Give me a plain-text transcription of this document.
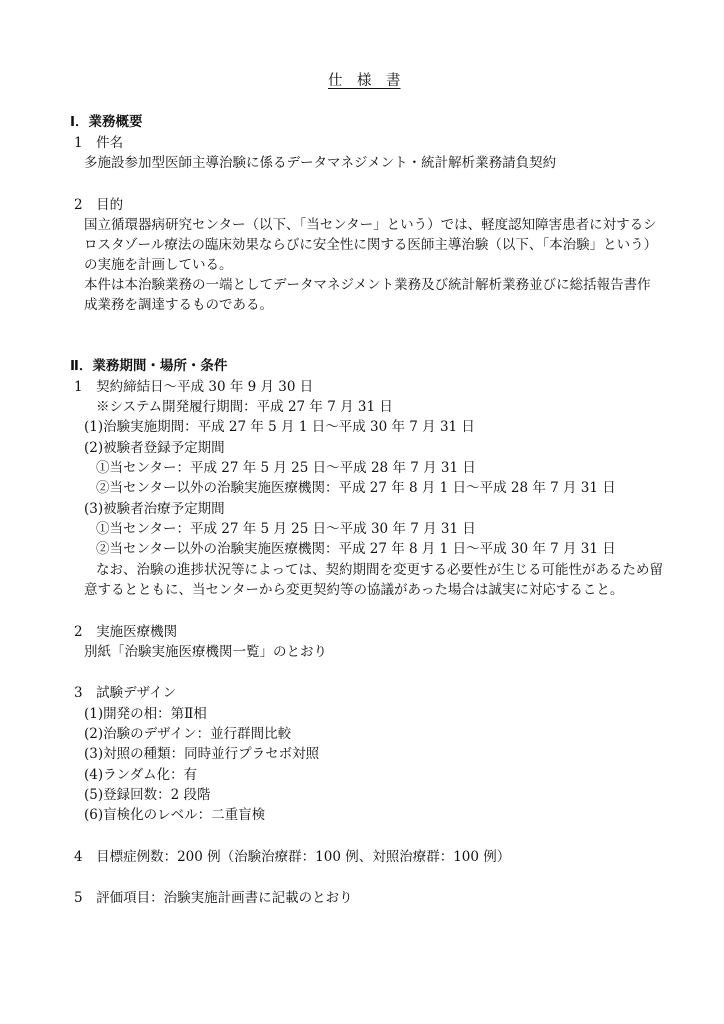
仕　様　書
Ⅰ．業務概要
1　件名
多施設参加型医師主導治験に係るデータマネジメント・統計解析業務請負契約
2　目的
国立循環器病研究センター（以下、「当センター」という）では、軽度認知障害患者に対するシ
ロスタゾール療法の臨床効果ならびに安全性に関する医師主導治験（以下、「本治験」という）
の実施を計画している。
本件は本治験業務の一端としてデータマネジメント業務及び統計解析業務並びに総括報告書作
成業務を調達するものである。
Ⅱ．業務期間・場所・条件
1　契約締結日～平成 30 年 9 月 30 日
※システム開発履行期間：平成 27 年 7 月 31 日
(1)治験実施期間：平成 27 年 5 月 1 日～平成 30 年 7 月 31 日
(2)被験者登録予定期間
①当センター：平成 27 年 5 月 25 日～平成 28 年 7 月 31 日
②当センター以外の治験実施医療機関：平成 27 年 8 月 1 日～平成 28 年 7 月 31 日
(3)被験者治療予定期間
①当センター：平成 27 年 5 月 25 日～平成 30 年 7 月 31 日
②当センター以外の治験実施医療機関：平成 27 年 8 月 1 日～平成 30 年 7 月 31 日
なお、治験の進捗状況等によっては、契約期間を変更する必要性が生じる可能性があるため留
意するとともに、当センターから変更契約等の協議があった場合は誠実に対応すること。
2　実施医療機関
別紙「治験実施医療機関一覧」のとおり
3　試験デザイン
(1)開発の相：第Ⅱ相
(2)治験のデザイン：並行群間比較
(3)対照の種類：同時並行プラセボ対照
(4)ランダム化：有
(5)登録回数：2 段階
(6)盲検化のレベル：二重盲検
4　目標症例数：200 例（治験治療群：100 例、対照治療群：100 例）
5　評価項目：治験実施計画書に記載のとおり
